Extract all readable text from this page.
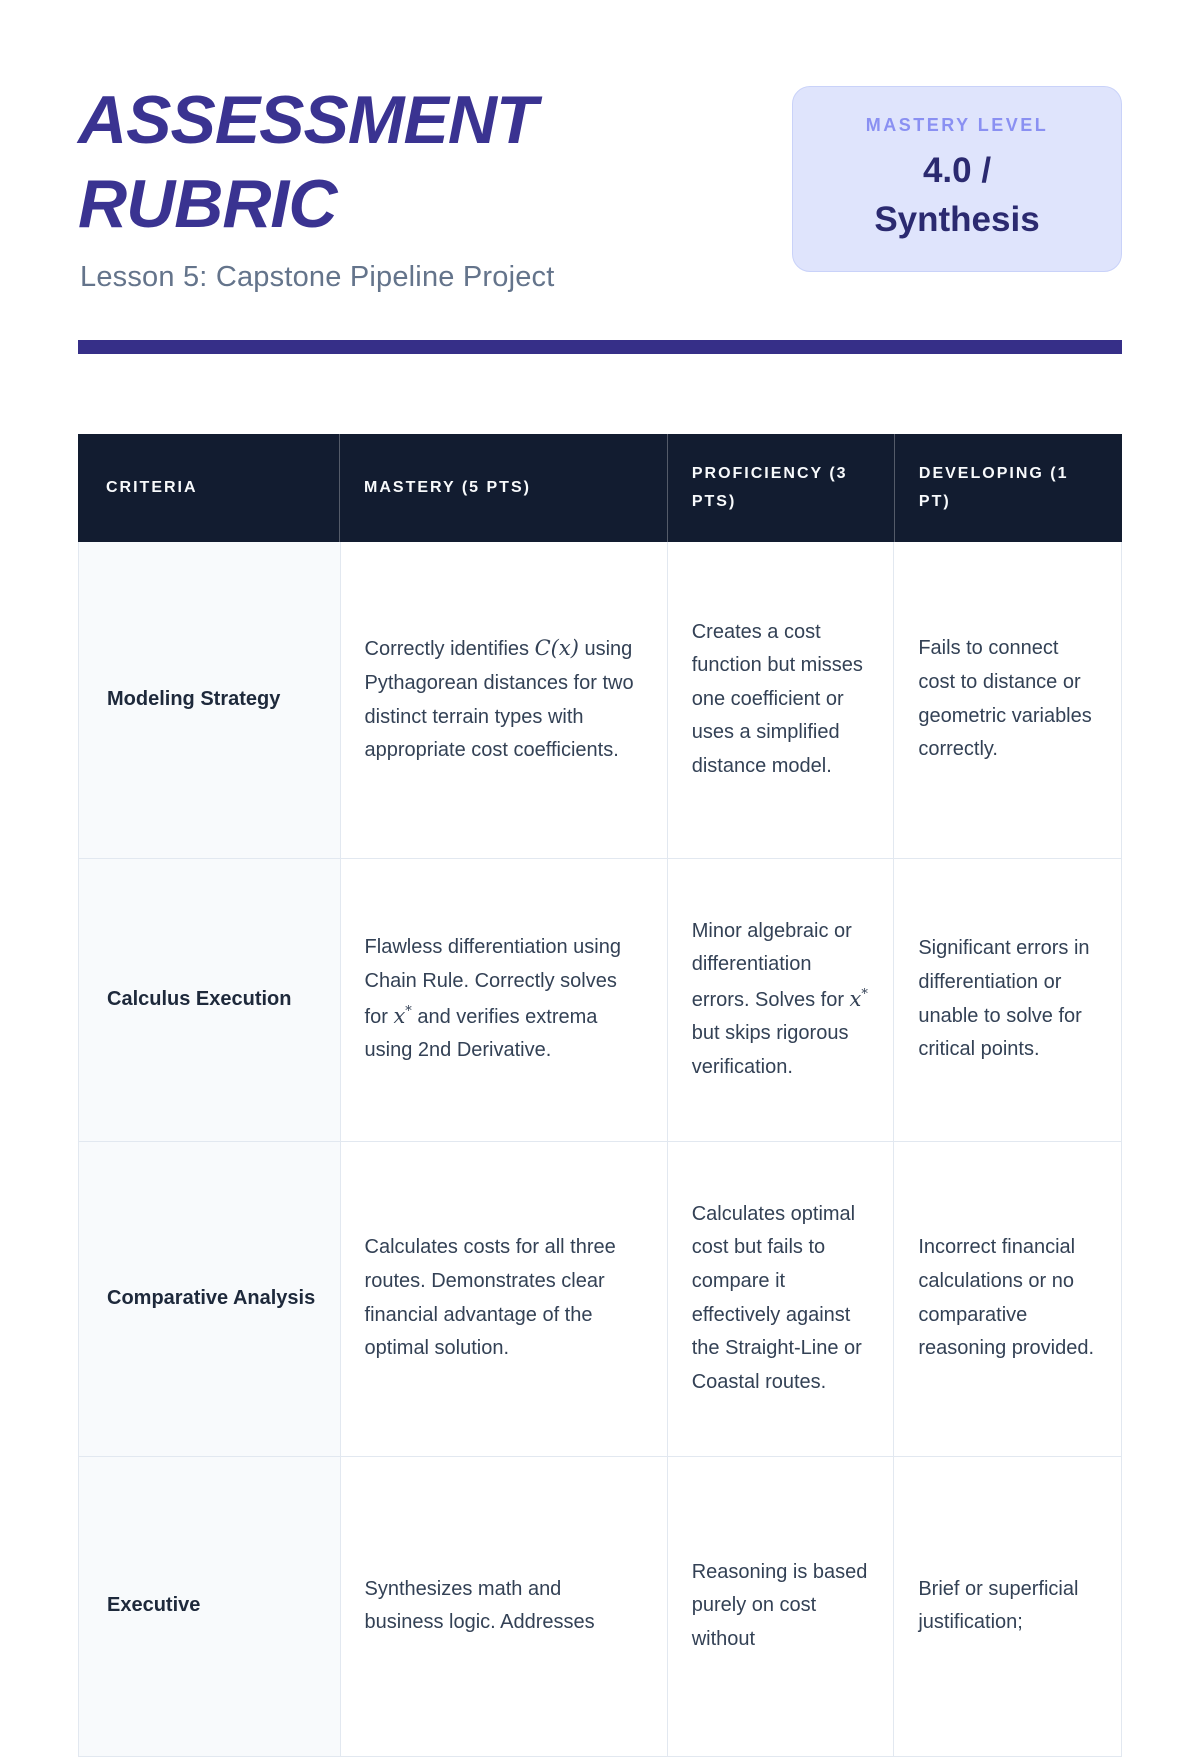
ASSESSMENT RUBRIC

Lesson 5: Capstone Pipeline Project

MASTERY LEVEL
4.0 / Synthesis
CRITERIA	MASTERY (5 PTS)
PROFICIENCY (3 PTS)
DEVELOPING (1 PT)
Modeling Strategy
Correctly identifies C(x) using Pythagorean distances for two distinct terrain types with appropriate cost coefficients.
Creates a cost function but misses one coefficient or uses a simplified distance model.
Fails to connect cost to distance or geometric variables correctly.
Calculus Execution
Flawless differentiation using Chain Rule. Correctly solves for x* and verifies extrema using 2nd Derivative.
Minor algebraic or differentiation errors. Solves for x* but skips rigorous verification.
Significant errors in differentiation or unable to solve for critical points.
Comparative Analysis
Calculates costs for all three routes. Demonstrates clear financial advantage of the optimal solution.
Calculates optimal cost but fails to compare it effectively against the Straight-Line or Coastal routes.
Incorrect financial calculations or no comparative reasoning provided.
Executive
Synthesizes math and business logic. Addresses
Reasoning is based purely on cost without
Brief or superficial justification;
